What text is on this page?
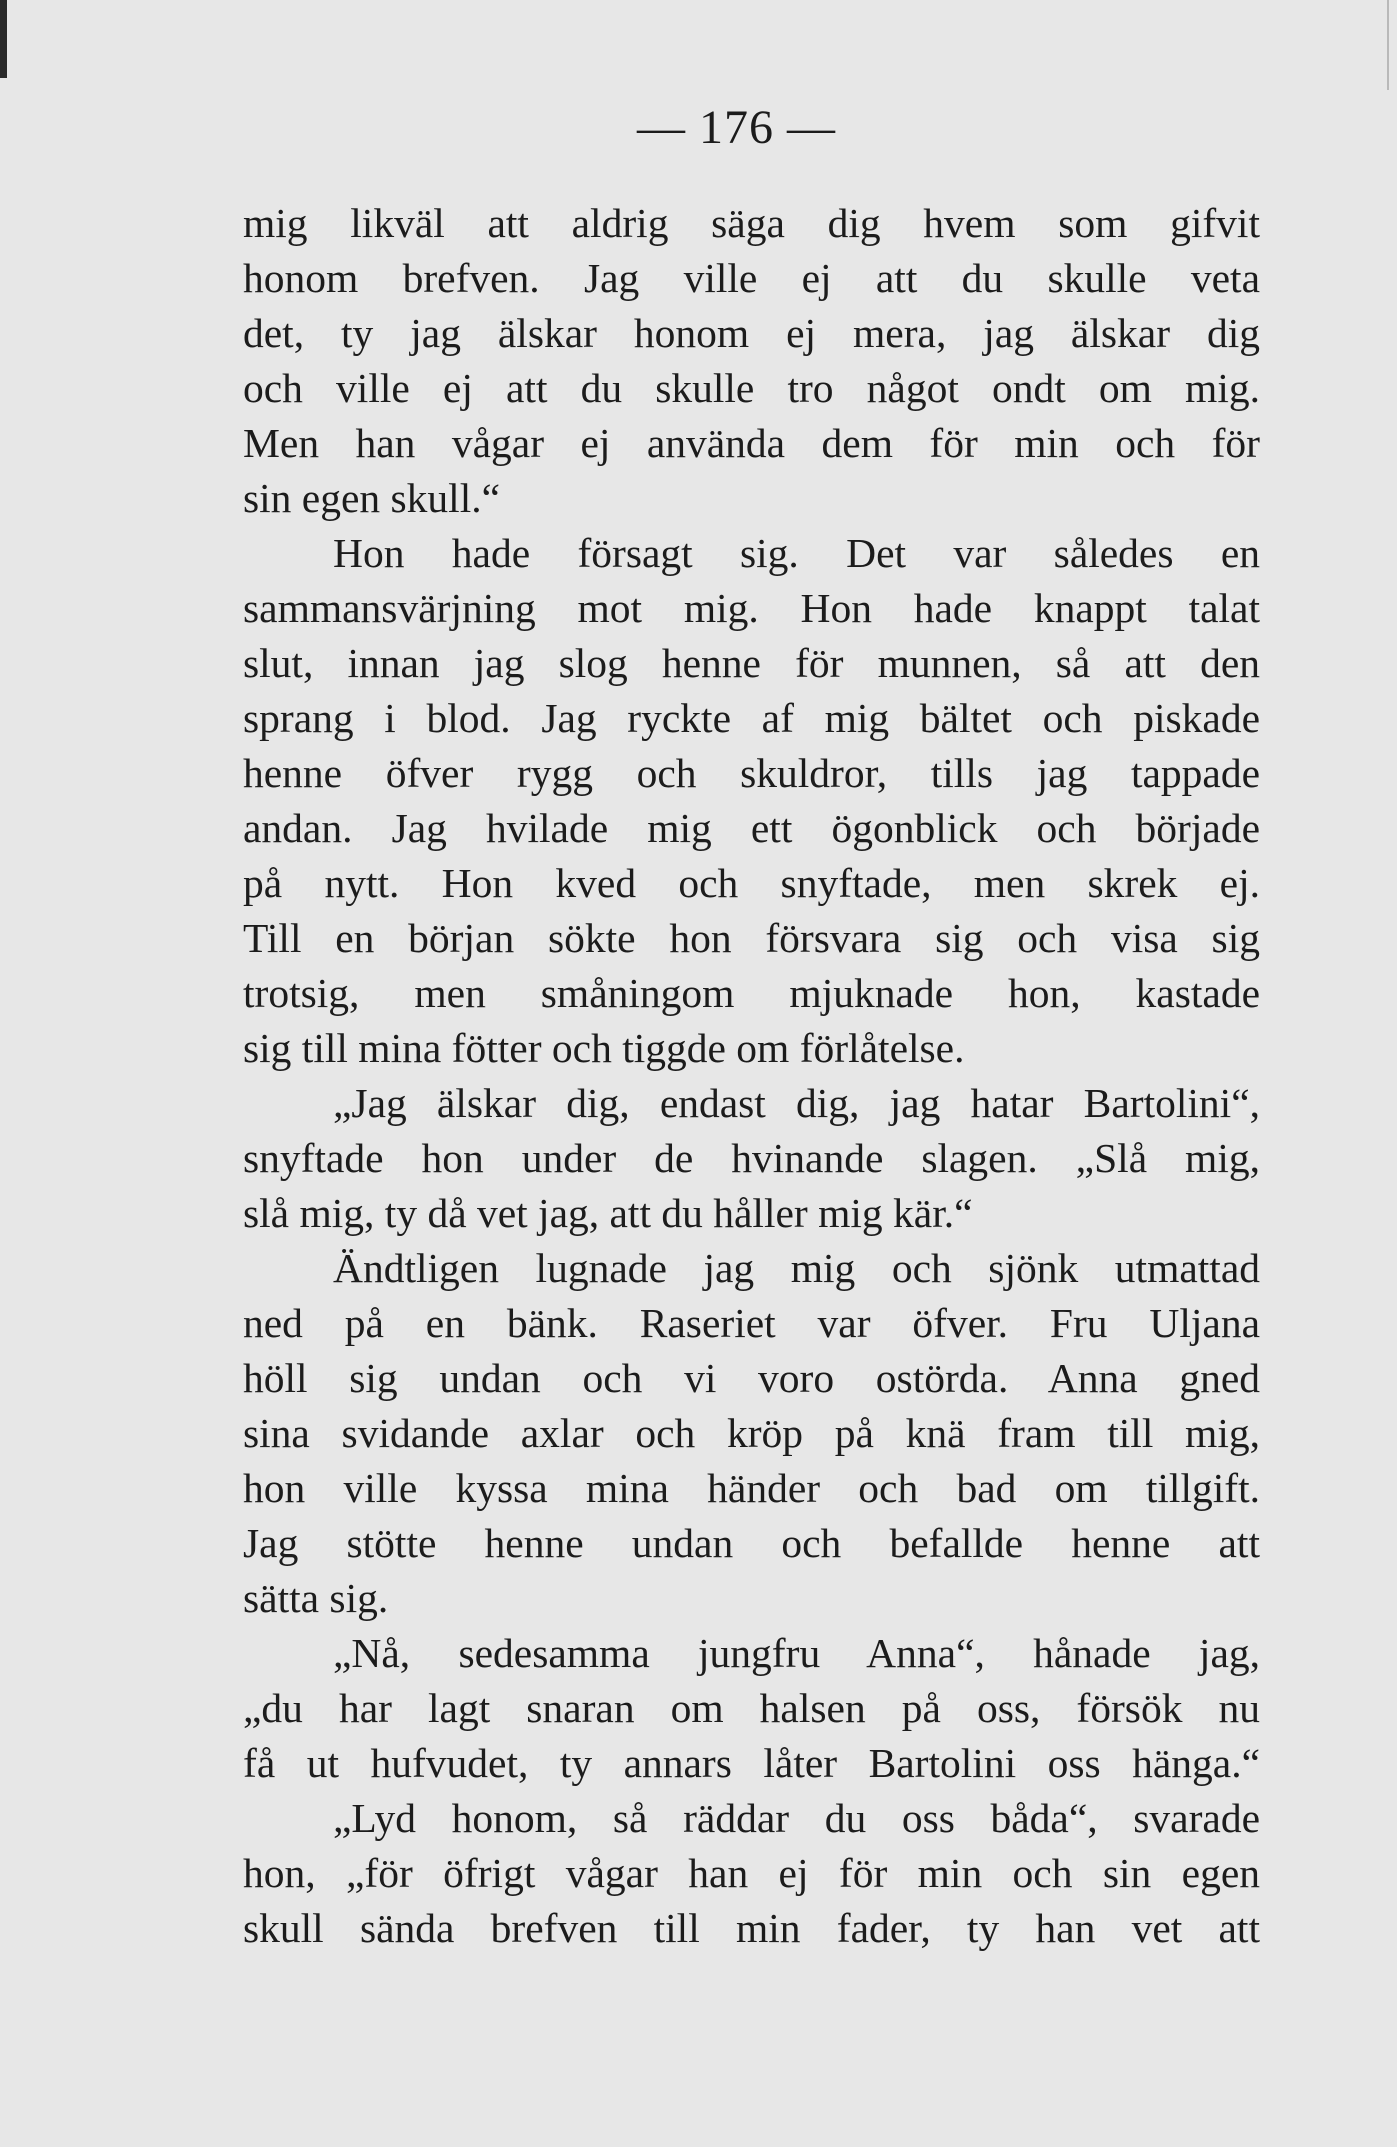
— 176 —
mig likväl att aldrig säga dig hvem som gifvit
honom brefven. Jag ville ej att du skulle veta
det, ty jag älskar honom ej mera, jag älskar dig
och ville ej att du skulle tro något ondt om mig.
Men han vågar ej använda dem för min och för
sin egen skull.“
Hon hade försagt sig. Det var således en
sammansvärjning mot mig. Hon hade knappt talat
slut, innan jag slog henne för munnen, så att den
sprang i blod. Jag ryckte af mig bältet och piskade
henne öfver rygg och skuldror, tills jag tappade
andan. Jag hvilade mig ett ögonblick och började
på nytt. Hon kved och snyftade, men skrek ej.
Till en början sökte hon försvara sig och visa sig
trotsig, men småningom mjuknade hon, kastade
sig till mina fötter och tiggde om förlåtelse.
„Jag älskar dig, endast dig, jag hatar Bartolini“,
snyftade hon under de hvinande slagen. „Slå mig,
slå mig, ty då vet jag, att du håller mig kär.“
Ändtligen lugnade jag mig och sjönk utmattad
ned på en bänk. Raseriet var öfver. Fru Uljana
höll sig undan och vi voro ostörda. Anna gned
sina svidande axlar och kröp på knä fram till mig,
hon ville kyssa mina händer och bad om tillgift.
Jag stötte henne undan och befallde henne att
sätta sig.
„Nå, sedesamma jungfru Anna“, hånade jag,
„du har lagt snaran om halsen på oss, försök nu
få ut hufvudet, ty annars låter Bartolini oss hänga.“
„Lyd honom, så räddar du oss båda“, svarade
hon, „för öfrigt vågar han ej för min och sin egen
skull sända brefven till min fader, ty han vet att
